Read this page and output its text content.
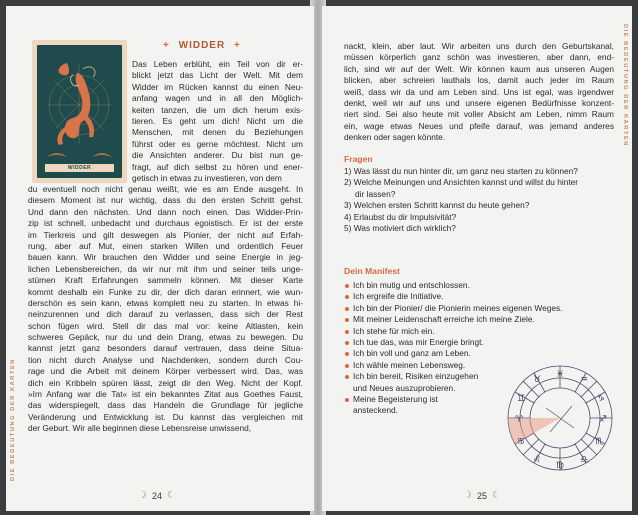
DIE BEDEUTUNG DER KARTEN
WIDDER
+ WIDDER +
Das Leben erblüht, ein Teil von dir er-
blickt jetzt das Licht der Welt. Mit dem
Widder im Rücken kannst du einen Neu-
anfang wagen und in all den Möglich-
keiten tanzen, die um dich herum exis-
tieren. Es geht um dich! Nicht um die
Menschen, mit denen du Beziehungen
führst oder es gerne möchtest. Nicht um
die Ansichten anderer. Du bist nun ge-
fragt, auf dich selbst zu hören und ener-
getisch in etwas zu investieren, von dem
du eventuell noch nicht genau weißt, wie es am Ende ausgeht. In
diesem Moment ist nur wichtig, dass du den ersten Schritt gehst.
Und dann den nächsten. Und dann noch einen. Das Widder-Prin-
zip ist schnell, unbedacht und durchaus egoistisch. Er ist der erste
im Tierkreis und gilt deswegen als Pionier, der nicht auf Erfah-
rung, aber auf Mut, einen starken Willen und ordentlich Feuer
bauen kann. Wir brauchen den Widder und seine Energie in jeg-
lichen Lebensbereichen, da wir nur mit ihm und seiner teils unge-
stümen Kraft Erfahrungen sammeln können. Mit dieser Karte
kommt deshalb ein Funke zu dir, der dich daran erinnert, wie wun-
derschön es sein kann, etwas komplett neu zu starten. In etwas hi-
neinzurennen und dich darauf zu verlassen, dass sich der Rest
schon fügen wird. Stell dir das mal vor: keine Altlasten, kein
schweres Gepäck, nur du und dein Drang, etwas zu bewegen. Du
kannst jetzt ganz besonders darauf vertrauen, dass deine Situa-
tion nicht durch Analyse und Nachdenken, sondern durch Cou-
rage und die Arbeit mit deinem Körper verbessert wird. Das, was
dich ein Kribbeln spüren lässt, zeigt dir den Weg. Nicht der Kopf.
»Im Anfang war die Tat« ist ein bekanntes Zitat aus Goethes Faust,
das widerspiegelt, dass das Handeln die Grundlage für jegliche
Veränderung und Entwicklung ist. Du kannst das vergleichen mit
der Geburt. Wir alle beginnen diese Lebensreise unwissend,
☽ 24 ☾
DIE BEDEUTUNG DER KARTEN
nackt, klein, aber laut. Wir arbeiten uns durch den Geburtskanal,
müssen körperlich ganz schön was investieren, aber dann, end-
lich, sind wir auf der Welt. Wir können kaum aus unseren Augen
blicken, aber schreien lauthals los, damit auch jeder im Raum
weiß, dass wir da und am Leben sind. Uns ist egal, was irgendwer
denkt, weil wir auf uns und unsere eigenen Bedürfnisse konzent-
riert sind. Sei also heute mit voller Absicht am Leben, nimm Raum
ein, wage etwas Neues und pfeife darauf, was jemand anderes
denken oder sagen könnte.
Fragen
1) Was lässt du nun hinter dir, um ganz neu starten zu können?
2) Welche Meinungen und Ansichten kannst und willst du hinter
dir lassen?
3) Welchen ersten Schritt kannst du heute gehen?
4) Erlaubst du dir Impulsivität?
5) Was motiviert dich wirklich?
Dein Manifest
Ich bin mutig und entschlossen.
Ich ergreife die Initiative.
Ich bin der Pionier/ die Pionierin meines eigenen Weges.
Mit meiner Leidenschaft erreiche ich meine Ziele.
Ich stehe für mich ein.
Ich tue das, was mir Energie bringt.
Ich bin voll und ganz am Leben.
Ich wähle meinen Lebensweg.
Ich bin bereit, Risiken einzugehen
und Neues auszuprobieren.
Meine Begeisterung ist
ansteckend.
♓ ♒
♑
♐
♏
♎
♍
♌
♋
♈
♊
♉
☽ 25 ☾
